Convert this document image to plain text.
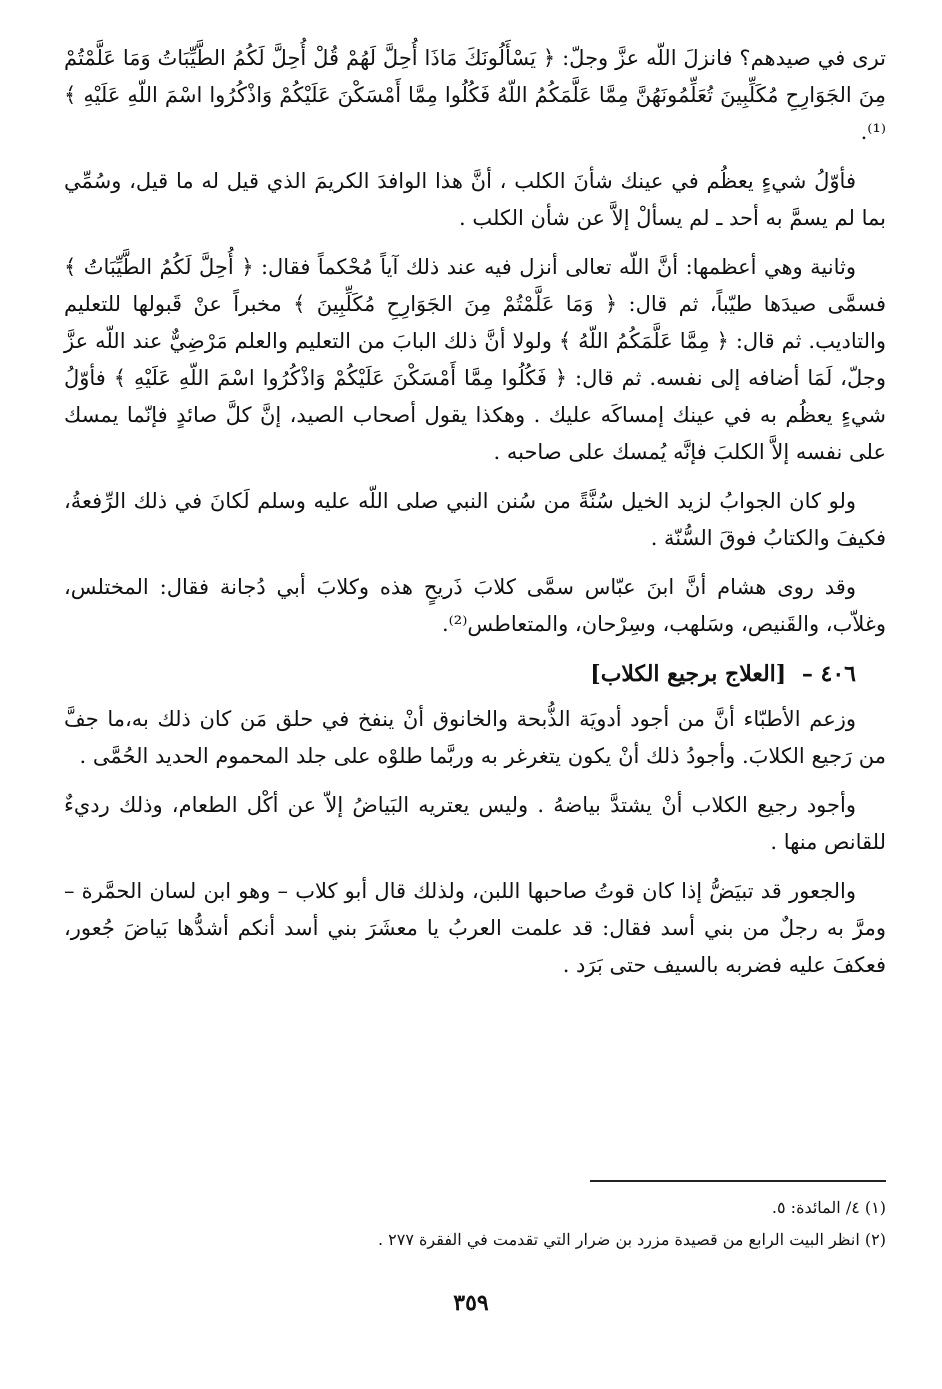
ترى في صيدهم؟ فانزلَ اللّه عزَّ وجلّ: ﴿ يَسْأَلُونَكَ مَاذَا أُحِلَّ لَهُمْ قُلْ أُحِلَّ لَكُمُ الطَّيِّبَاتُ وَمَا عَلَّمْتُمْ مِنَ الجَوَارِحِ مُكَلِّبِينَ تُعَلِّمُونَهُنَّ مِمَّا عَلَّمَكُمُ اللّهُ فَكُلُوا مِمَّا أَمْسَكْنَ عَلَيْكُمْ وَاذْكُرُوا اسْمَ اللّهِ عَلَيْهِ ﴾⁽¹⁾.

فأوّلُ شيءٍ يعظُم في عينك شأنَ الكلب ، أنَّ هذا الوافدَ الكريمَ الذي قيل له ما قيل، وسُمِّي بما لم يسمَّ به أحد ـ لم يسألْ إلاَّ عن شأن الكلب .

وثانية وهي أعظمها: أنَّ اللّه تعالى أنزل فيه عند ذلك آياً مُحْكماً فقال: ﴿ أُحِلَّ لَكُمُ الطَّيِّبَاتُ ﴾ فسمَّى صيدَها طيّباً، ثم قال: ﴿ وَمَا عَلَّمْتُمْ مِنَ الجَوَارِحِ مُكَلِّبِينَ ﴾ مخبراً عنْ قَبولها للتعليم والتاديب. ثم قال: ﴿ مِمَّا عَلَّمَكُمُ اللّهُ ﴾ ولولا أنَّ ذلك البابَ من التعليم والعلم مَرْضِيٌّ عند اللّه عزَّ وجلّ، لَمَا أضافه إلى نفسه. ثم قال: ﴿ فَكُلُوا مِمَّا أَمْسَكْنَ عَلَيْكُمْ وَاذْكُرُوا اسْمَ اللّهِ عَلَيْهِ ﴾ فأوّلُ شيءٍ يعظُم به في عينك إمساكَه عليك . وهكذا يقول أصحاب الصيد، إنَّ كلَّ صائدٍ فإنّما يمسك على نفسه إلاَّ الكلبَ فإنَّه يُمسك على صاحبه .

ولو كان الجوابُ لزيد الخيل سُنَّةً من سُنن النبي صلى اللّه عليه وسلم لَكانَ في ذلك الرِّفعةُ، فكيفَ والكتابُ فوقَ السُّنّة .

وقد روى هشام أنَّ ابنَ عبّاس سمَّى كلابَ ذَريحٍ هذه وكلابَ أبي دُجانة فقال: المختلس، وغلاّب، والقَنيص، وسَلهب، وسِرْحان، والمتعاطس⁽²⁾.

٤٠٦ – [العلاج برجيع الكلاب]

وزعم الأطبّاء أنَّ من أجود أدويَة الذُّبحة والخانوق أنْ ينفخ في حلق مَن كان ذلك به،ما جفَّ من رَجيع الكلابَ. وأجودُ ذلك أنْ يكون يتغرغر به وربَّما طلوْه على جلد المحموم الحديد الحُمَّى .

وأجود رجيع الكلاب أنْ يشتدَّ بياضهُ . وليس يعتريه البَياضُ إلاّ عن أكْل الطعام، وذلك رديءٌ للقانص منها .

والجعور قد تبيَضُّ إذا كان قوتُ صاحبها اللبن، ولذلك قال أبو كلاب – وهو ابن لسان الحمَّرة – ومرَّ به رجلٌ من بني أسد فقال: قد علمت العربُ يا معشَرَ بني أسد أنكم أشدُّها بَياضَ جُعور، فعكفَ عليه فضربه بالسيف حتى بَرَد .

(١) ٤/ المائدة: ٥.

(٢) انظر البيت الرابع من قصيدة مزرد بن ضرار التي تقدمت في الفقرة ٢٧٧ .

٣٥٩
